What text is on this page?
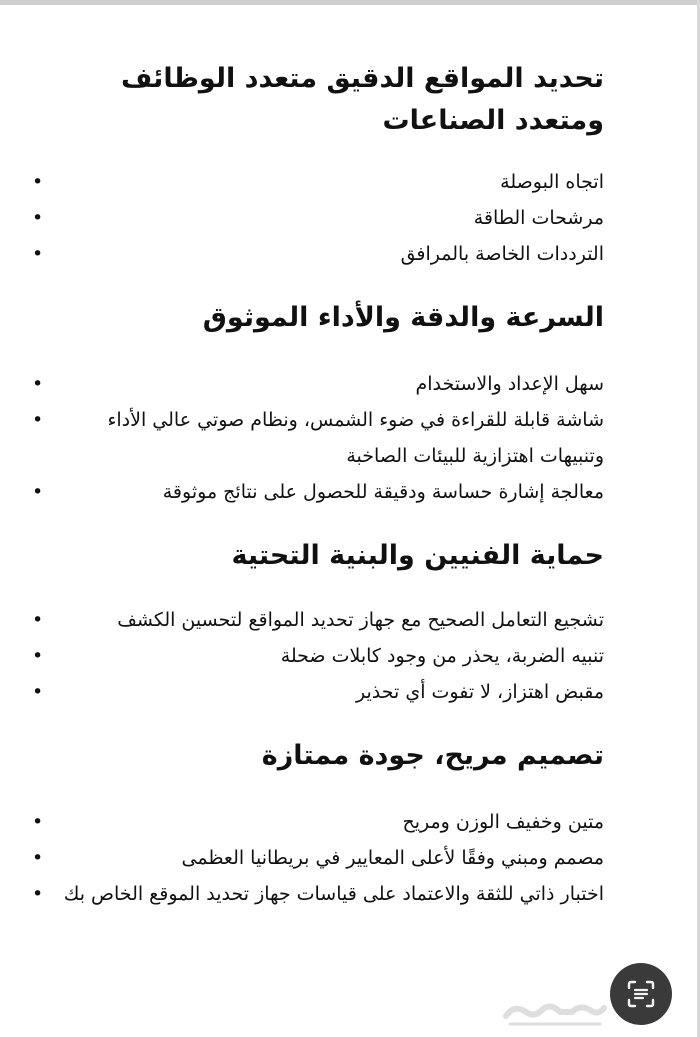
تحديد المواقع الدقيق متعدد الوظائف ومتعدد الصناعات
اتجاه البوصلة •
مرشحات الطاقة •
الترددات الخاصة بالمرافق •
السرعة والدقة والأداء الموثوق
سهل الإعداد والاستخدام •
شاشة قابلة للقراءة في ضوء الشمس، ونظام صوتي عالي الأداء وتنبيهات اهتزازية للبيئات الصاخبة •
معالجة إشارة حساسة ودقيقة للحصول على نتائج موثوقة •
حماية الفنيين والبنية التحتية
تشجيع التعامل الصحيح مع جهاز تحديد المواقع لتحسين الكشف •
تنبيه الضربة، يحذر من وجود كابلات ضحلة •
مقبض اهتزاز، لا تفوت أي تحذير •
تصميم مريح، جودة ممتازة
متين وخفيف الوزن ومريح •
مصمم ومبني وفقًا لأعلى المعايير في بريطانيا العظمى •
اختبار ذاتي للثقة والاعتماد على قياسات جهاز تحديد الموقع الخاص بك •
